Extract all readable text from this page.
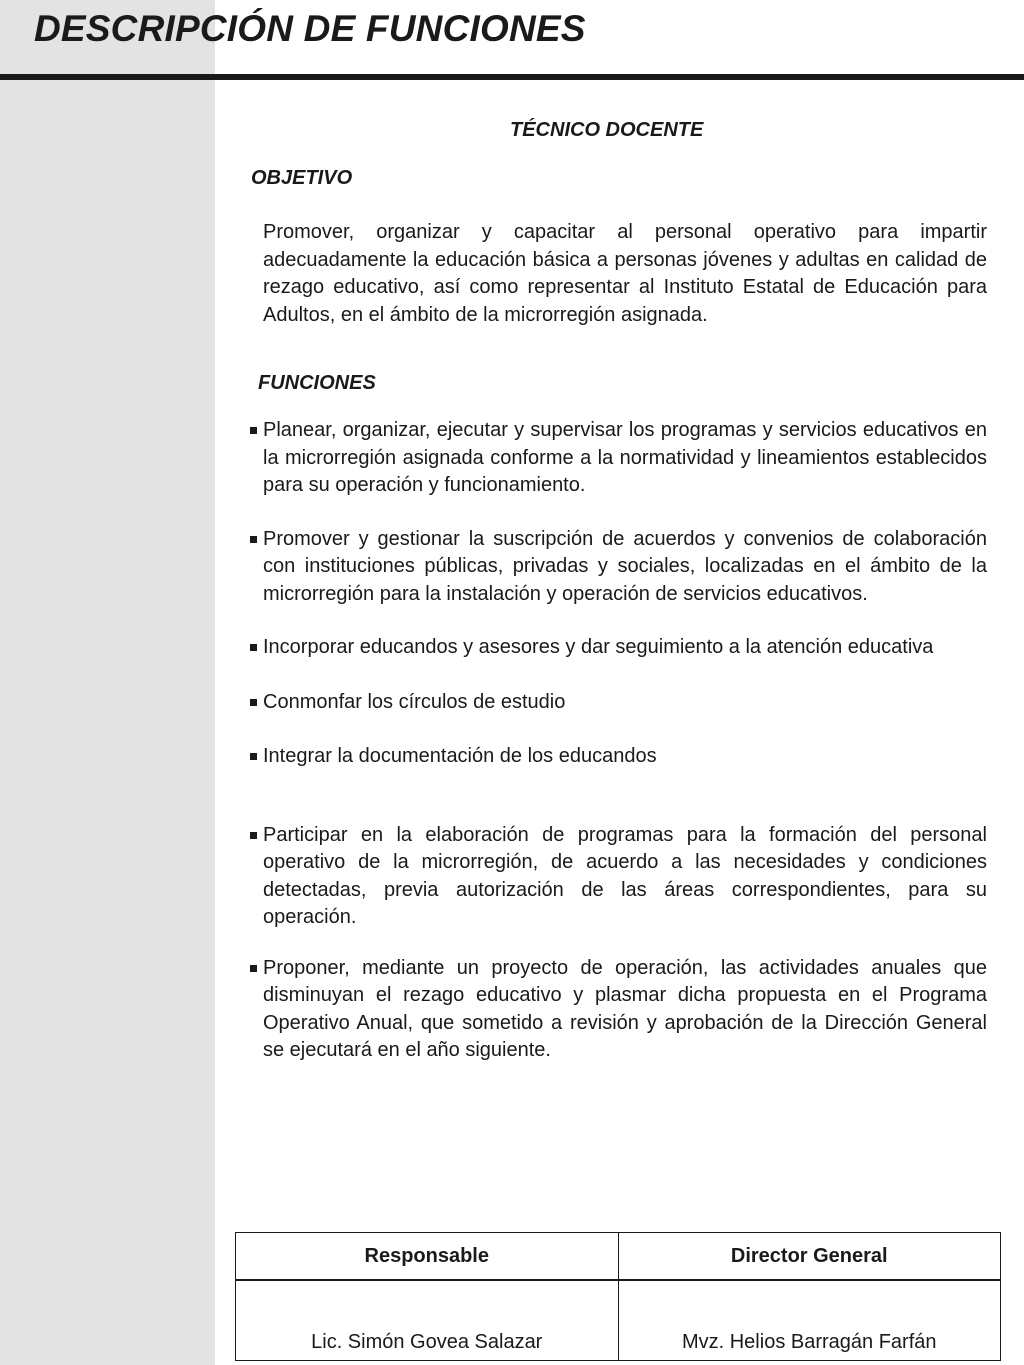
DESCRIPCIÓN DE FUNCIONES
TÉCNICO DOCENTE
OBJETIVO

Promover, organizar y capacitar al personal operativo para impartir adecuadamente la educación básica a personas jóvenes y adultas en calidad de rezago educativo, así como representar al Instituto Estatal de Educación para Adultos, en el ámbito de la microrregión asignada.

FUNCIONES
Planear, organizar, ejecutar y supervisar los programas y servicios educativos en la microrregión asignada conforme a la normatividad y lineamientos establecidos para su operación y funcionamiento.
Promover y gestionar la suscripción de acuerdos y convenios de colaboración con instituciones públicas, privadas y sociales, localizadas en el ámbito de la microrregión para la instalación y operación de servicios educativos.
Incorporar educandos y asesores y dar seguimiento a la atención educativa
Conmonfar los círculos de estudio
Integrar la documentación de los educandos
Participar en la elaboración de programas para la formación del personal operativo de la microrregión, de acuerdo a las necesidades y condiciones detectadas, previa autorización de las áreas correspondientes, para su operación.
Proponer, mediante un proyecto de operación, las actividades anuales que disminuyan el rezago educativo y plasmar dicha propuesta en el Programa Operativo Anual, que sometido a revisión y aprobación de la Dirección General se ejecutará en el año siguiente.
Responsable	Director General
Lic. Simón Govea Salazar	Mvz. Helios Barragán Farfán
